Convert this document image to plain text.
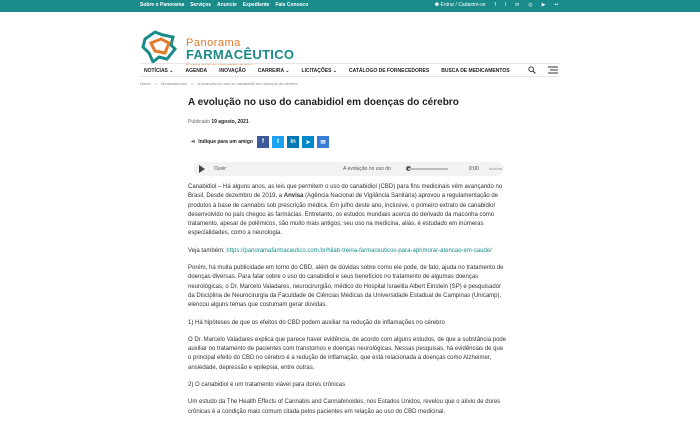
Sobre o Panorama Serviços Anuncie Expediente Fale Conosco	⚉ Entrar / Cadastre-se f t in ◎ ▶ ••
Panorama
FARMACÊUTICO
O maior canal de informação do setor
NOTÍCIAS ⌄ AGENDA INOVAÇÃO CARREIRA ⌄ LICITAÇÕES ⌄ CATÁLOGO DE FORNECEDORES BUSCA DE MEDICAMENTOS
Home > Medicamentos > A evolução no uso do canabidiol em doenças do cérebro
A evolução no uso do canabidiol em doenças do cérebro
Publicado 19 agosto, 2021
⋖ Indique para um amigo	f	t	in	➤	✉
Ouvir:	A evolução no uso do	0:00	audima

Canabidiol – Há alguns anos, as leis que permitem o uso do canabidiol (CBD) para fins medicinais vêm avançando no Brasil. Desde dezembro de 2019, a Anvisa (Agência Nacional de Vigilância Sanitária) aprovou a regulamentação de produtos à base de cannabis sob prescrição médica. Em julho deste ano, inclusive, o primeiro extrato de canabidiol desenvolvido no país chegou às farmácias. Entretanto, os estudos mundiais acerca do derivado da maconha como tratamento, apesar de polêmicos, são muito mais antigos; seu uso na medicina, aliás, é estudado em inúmeras especialidades, como a neurologia.

Veja também: https://panoramafarmaceutico.com.br/hilab-treina-farmaceuticos-para-aprimorar-atencao-em-saude/

Porém, há muita publicidade em torno do CBD, além de dúvidas sobre como ele pode, de fato, ajuda no tratamento de doenças diversas. Para falar sobre o uso do canabidiol e seus benefícios no tratamento de algumas doenças neurológicas, o Dr. Marcelo Valadares, neurocirurgião, médico do Hospital Israelita Albert Einstein (SP) e pesquisador da Disciplina de Neurocirurgia da Faculdade de Ciências Médicas da Universidade Estadual de Campinas (Unicamp), elencou alguns temas que costumam gerar dúvidas.

1) Há hipóteses de que os efeitos do CBD podem auxiliar na redução de inflamações no cérebro

O Dr. Marcelo Valadares explica que parece haver evidência, de acordo com alguns estudos, de que a substância pode auxiliar no tratamento de pacientes com transtornos e doenças neurológicas. Nessas pesquisas, há evidências de que o principal efeito do CBD no cérebro é a redução de inflamação, que está relacionada a doenças como Alzheimer, ansiedade, depressão e epilepsia, entre outras.

2) O canabidiol é um tratamento viável para dores crônicas

Um estudo da The Health Effects of Cannabis and Cannabinoides, nos Estados Unidos, revelou que o alívio de dores crônicas é a condição mais comum citada pelos pacientes em relação ao uso do CBD medicinal.
